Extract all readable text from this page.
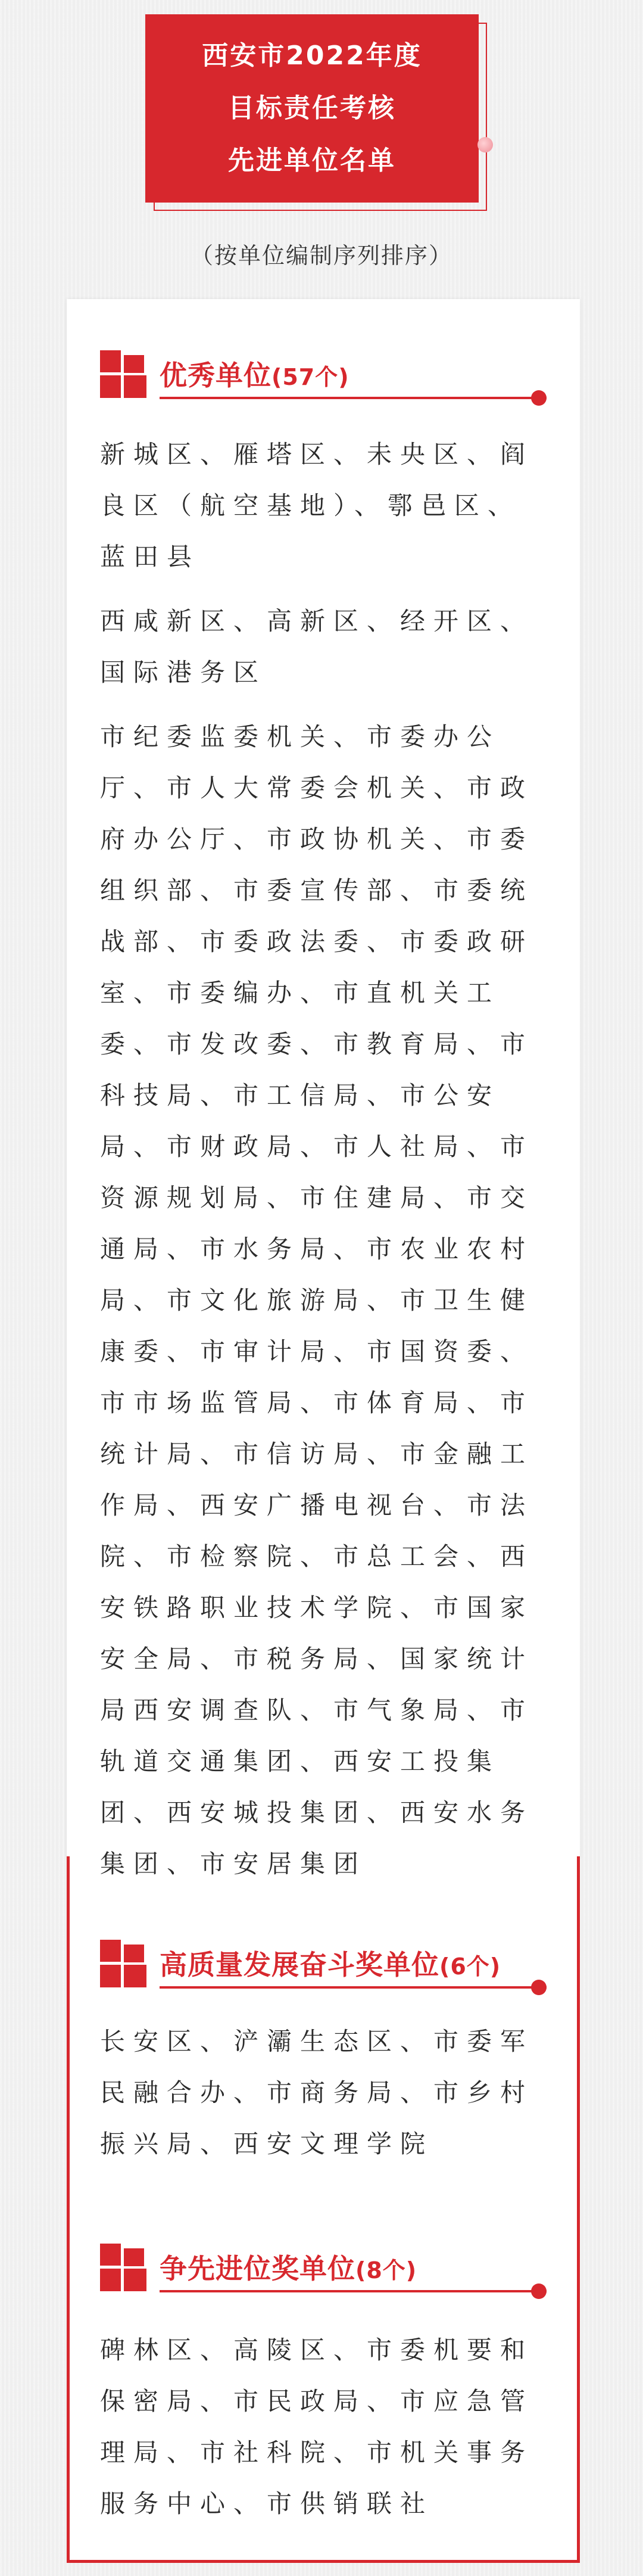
西安市2022年度
目标责任考核
先进单位名单
（按单位编制序列排序）
优秀单位(57个)

新城区、雁塔区、未央区、阎良区（航空基地）、鄠邑区、蓝田县

西咸新区、高新区、经开区、国际港务区

市纪委监委机关、市委办公厅、市人大常委会机关、市政府办公厅、市政协机关、市委组织部、市委宣传部、市委统战部、市委政法委、市委政研室、市委编办、市直机关工委、市发改委、市教育局、市科技局、市工信局、市公安局、市财政局、市人社局、市资源规划局、市住建局、市交通局、市水务局、市农业农村局、市文化旅游局、市卫生健康委、市审计局、市国资委、市市场监管局、市体育局、市统计局、市信访局、市金融工作局、西安广播电视台、市法院、市检察院、市总工会、西安铁路职业技术学院、市国家安全局、市税务局、国家统计局西安调查队、市气象局、市轨道交通集团、西安工投集团、西安城投集团、西安水务集团、市安居集团

高质量发展奋斗奖单位(6个)

长安区、浐灞生态区、市委军民融合办、市商务局、市乡村振兴局、西安文理学院

争先进位奖单位(8个)

碑林区、高陵区、市委机要和保密局、市民政局、市应急管理局、市社科院、市机关事务服务中心、市供销联社
